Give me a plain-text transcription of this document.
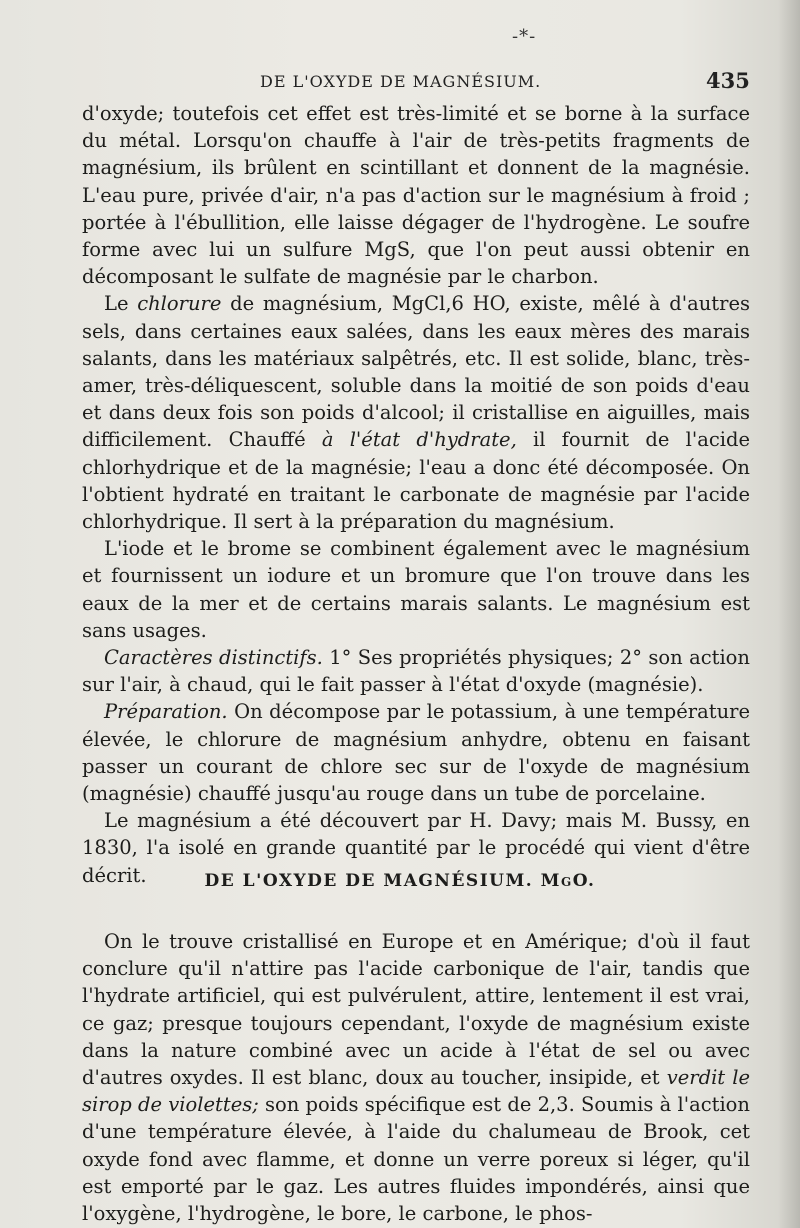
-*-
DE L'OXYDE DE MAGNÉSIUM.	435

d'oxyde; toutefois cet effet est très-limité et se borne à la surface du métal. Lorsqu'on chauffe à l'air de très-petits fragments de magnésium, ils brûlent en scintillant et donnent de la magnésie. L'eau pure, privée d'air, n'a pas d'action sur le magnésium à froid ; portée à l'ébullition, elle laisse dégager de l'hydrogène. Le soufre forme avec lui un sulfure MgS, que l'on peut aussi obtenir en décomposant le sulfate de magnésie par le charbon.

Le chlorure de magnésium, MgCl,6 HO, existe, mêlé à d'autres sels, dans certaines eaux salées, dans les eaux mères des marais salants, dans les matériaux salpêtrés, etc. Il est solide, blanc, très-amer, très-déliquescent, soluble dans la moitié de son poids d'eau et dans deux fois son poids d'alcool; il cristallise en aiguilles, mais difficilement. Chauffé à l'état d'hydrate, il fournit de l'acide chlorhydrique et de la magnésie; l'eau a donc été décomposée. On l'obtient hydraté en traitant le carbonate de magnésie par l'acide chlorhydrique. Il sert à la préparation du magnésium.

L'iode et le brome se combinent également avec le magnésium et fournissent un iodure et un bromure que l'on trouve dans les eaux de la mer et de certains marais salants. Le magnésium est sans usages.

Caractères distinctifs. 1° Ses propriétés physiques; 2° son action sur l'air, à chaud, qui le fait passer à l'état d'oxyde (magnésie).

Préparation. On décompose par le potassium, à une température élevée, le chlorure de magnésium anhydre, obtenu en faisant passer un courant de chlore sec sur de l'oxyde de magnésium (magnésie) chauffé jusqu'au rouge dans un tube de porcelaine.

Le magnésium a été découvert par H. Davy; mais M. Bussy, en 1830, l'a isolé en grande quantité par le procédé qui vient d'être décrit.	DE L'OXYDE DE MAGNÉSIUM. MgO.

On le trouve cristallisé en Europe et en Amérique; d'où il faut conclure qu'il n'attire pas l'acide carbonique de l'air, tandis que l'hydrate artificiel, qui est pulvérulent, attire, lentement il est vrai, ce gaz; presque toujours cependant, l'oxyde de magnésium existe dans la nature combiné avec un acide à l'état de sel ou avec d'autres oxydes. Il est blanc, doux au toucher, insipide, et verdit le sirop de violettes; son poids spécifique est de 2,3. Soumis à l'action d'une température élevée, à l'aide du chalumeau de Brook, cet oxyde fond avec flamme, et donne un verre poreux si léger, qu'il est emporté par le gaz. Les autres fluides impondérés, ainsi que l'oxygène, l'hydrogène, le bore, le carbone, le phos-
